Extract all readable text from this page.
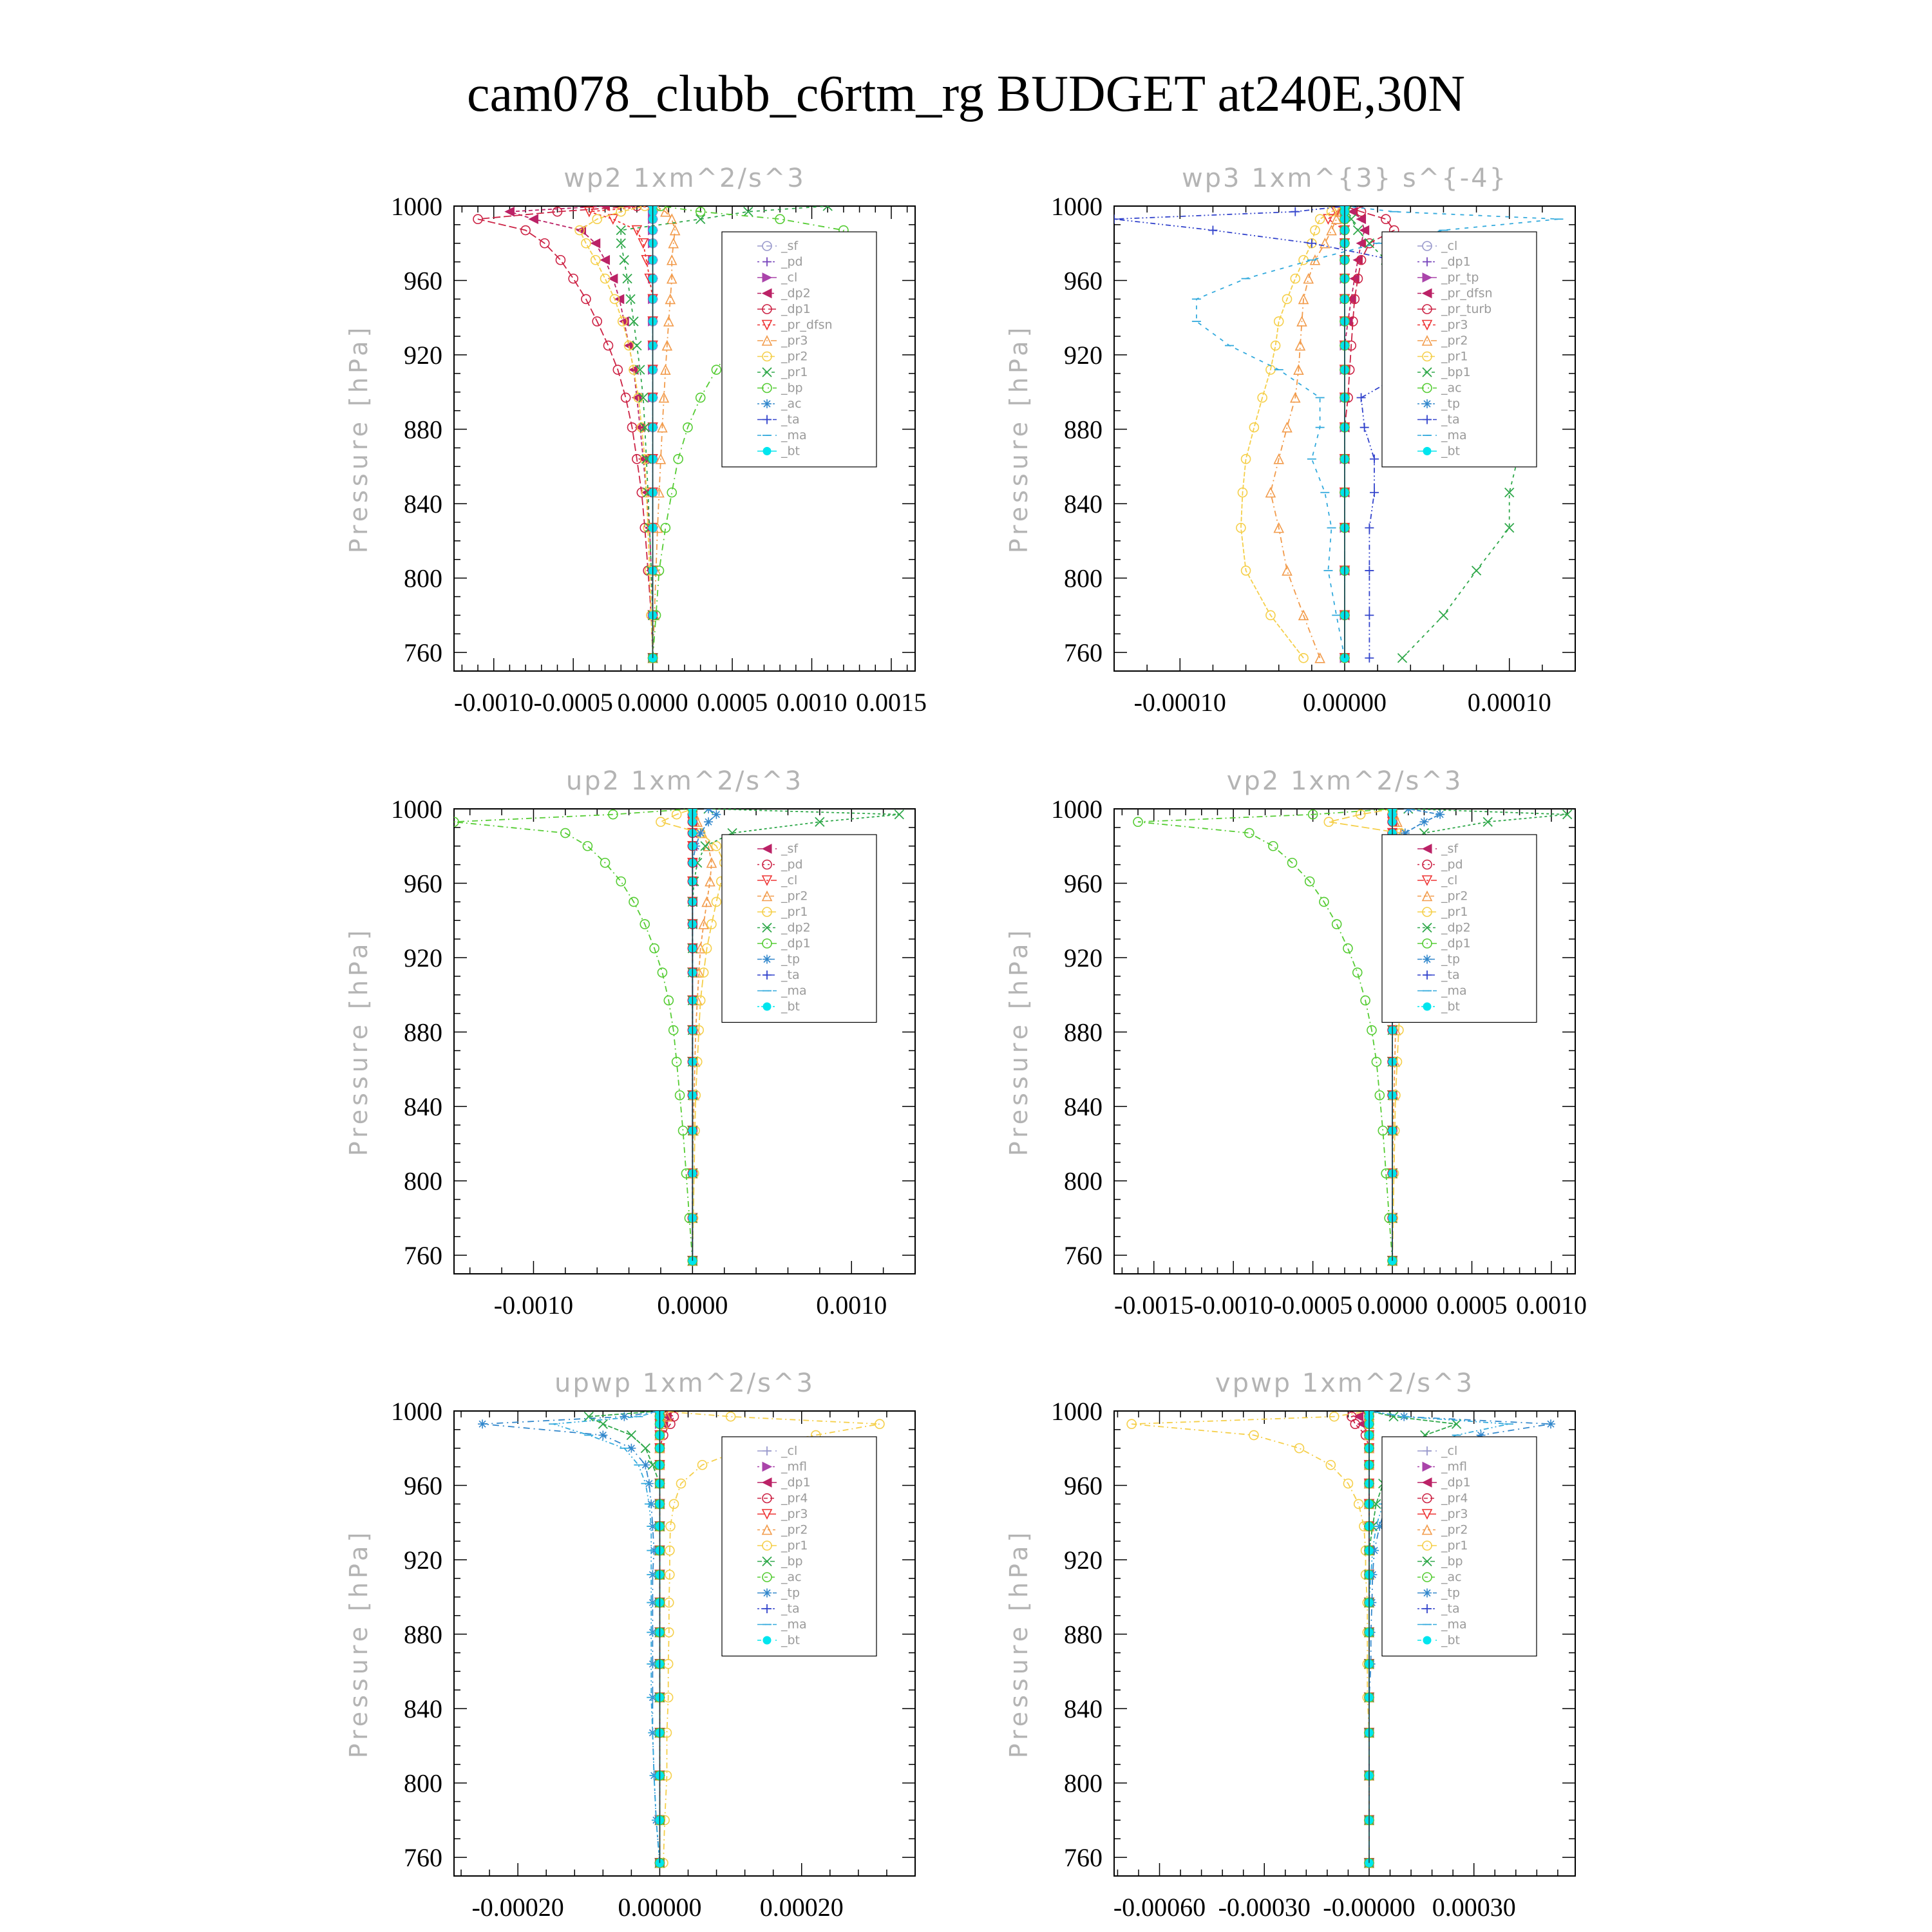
cam078_clubb_c6rtm_rg BUDGET at240E,30N
wp2 1xm^2/s^3
Pressure [hPa]
760
800
840
880
920
960
1000
-0.0010 -0.0005 0.0000 0.0005 0.0010 0.0015
_sf
_pd
_cl
_dp2
_dp1
_pr_dfsn
_pr3
_pr2
_pr1
_bp
_ac
_ta
_ma
_bt
wp3 1xm^{3} s^{-4}
Pressure [hPa]
760
800
840
880
920
960
1000
-0.00010	0.00000	0.00010
_cl
_dp1
_pr_tp
_pr_dfsn
_pr_turb
_pr3
_pr2
_pr1
_bp1
_ac
_tp
_ta
_ma
_bt
up2 1xm^2/s^3
Pressure [hPa]
760
800
840
880
920
960
1000
-0.0010	0.0000	0.0010
_sf
_pd
_cl
_pr2
_pr1
_dp2
_dp1
_tp
_ta
_ma
_bt
vp2 1xm^2/s^3
Pressure [hPa]
760
800
840
880
920
960
1000
-0.0015 -0.0010 -0.0005 0.0000 0.0005 0.0010
_sf
_pd
_cl
_pr2
_pr1
_dp2
_dp1
_tp
_ta
_ma
_bt
upwp 1xm^2/s^3
Pressure [hPa]
760
800
840
880
920
960
1000
-0.00020 0.00000 0.00020
_cl
_mfl
_dp1
_pr4
_pr3
_pr2
_pr1
_bp
_ac
_tp
_ta
_ma
_bt
vpwp 1xm^2/s^3
Pressure [hPa]
760
800
840
880
920
960
1000
-0.00060 -0.00030 -0.00000 0.00030
_cl
_mfl
_dp1
_pr4
_pr3
_pr2
_pr1
_bp
_ac
_tp
_ta
_ma
_bt
